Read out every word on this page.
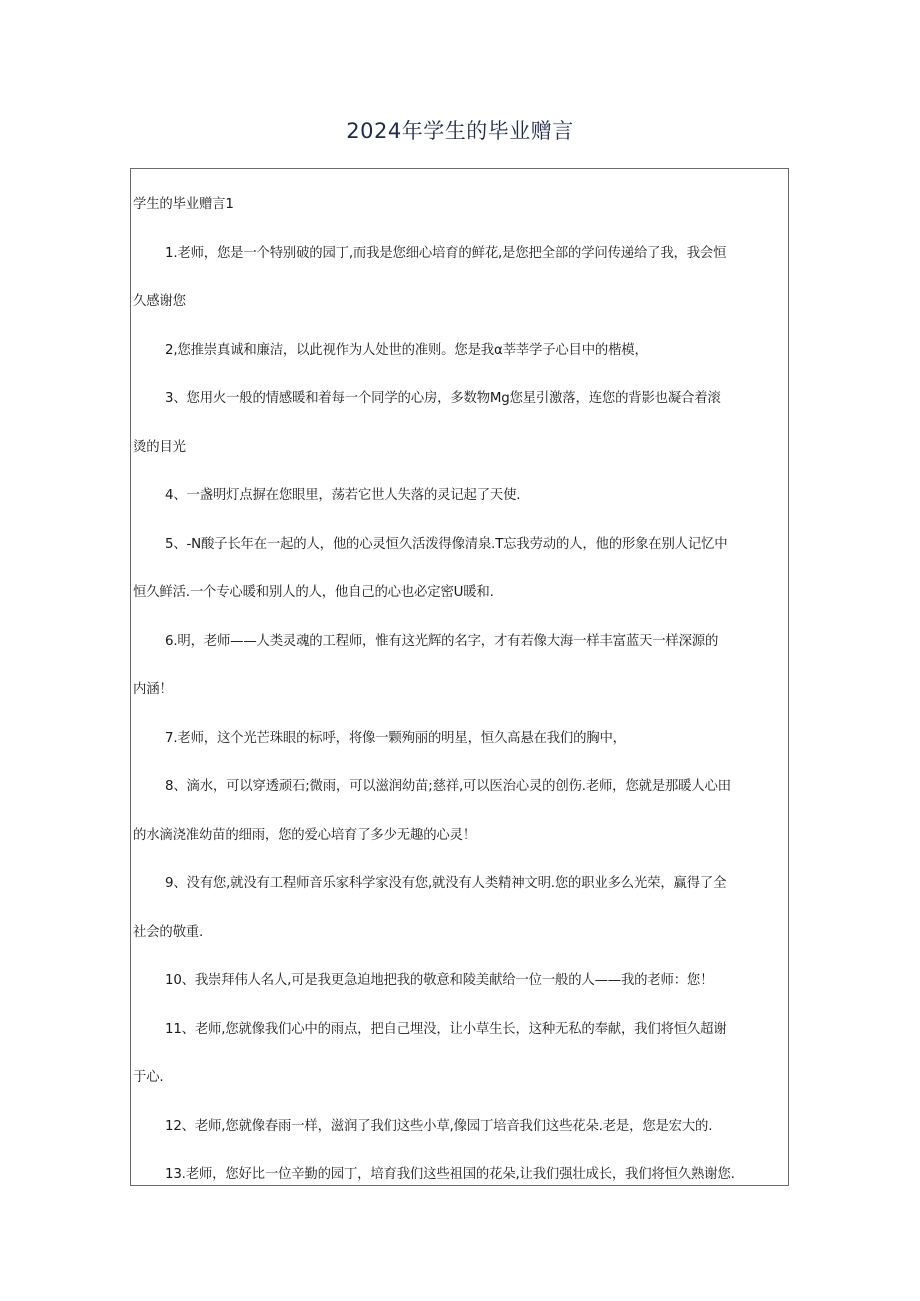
2024年学生的毕业赠言
学生的毕业赠言1
1.老师，您是一个特别破的园丁,而我是您细心培育的鲜花,是您把全部的学问传递给了我，我会恒
久感谢您
2,您推崇真诚和廉洁，以此视作为人处世的准则。您是我α莘莘学子心目中的楷模，
3、您用火一般的情感暖和着每一个同学的心房，多数物Mg您星引激落，连您的背影也凝合着滚
烫的目光
4、一盏明灯点摒在您眼里，荡若它世人失落的灵记起了天使.
5、-N酸子长年在一起的人，他的心灵恒久活泼得像清泉.T忘我劳动的人，他的形象在别人记忆中
恒久鲜活.一个专心暖和别人的人，他自己的心也必定密U暖和.
6.明，老师——人类灵魂的工程师，惟有这光辉的名字，才有若像大海一样丰富蓝天一样深源的
内涵！
7.老师，这个光芒珠眼的标呼，将像一颗殉丽的明星，恒久高悬在我们的胸中，
8、滴水，可以穿透顽石;微雨，可以滋润幼苗;慈祥,可以医治心灵的创伤.老师，您就是那暖人心田
的水滴浇准幼苗的细雨，您的爱心培育了多少无趣的心灵！
9、没有您,就没有工程师音乐家科学家没有您,就没有人类精神文明.您的职业多么光荣，赢得了全
社会的敬重.
10、我崇拜伟人名人,可是我更急迫地把我的敬意和陵美献给一位一般的人——我的老师：您！
11、老师,您就像我们心中的雨点，把自己埋没，让小草生长，这种无私的奉献，我们将恒久超谢
于心.
12、老师,您就像春雨一样，滋润了我们这些小草,像园丁培音我们这些花朵.老是，您是宏大的.
13.老师，您好比一位辛勤的园丁，培育我们这些祖国的花朵,让我们强壮成长，我们将恒久熟谢您.
